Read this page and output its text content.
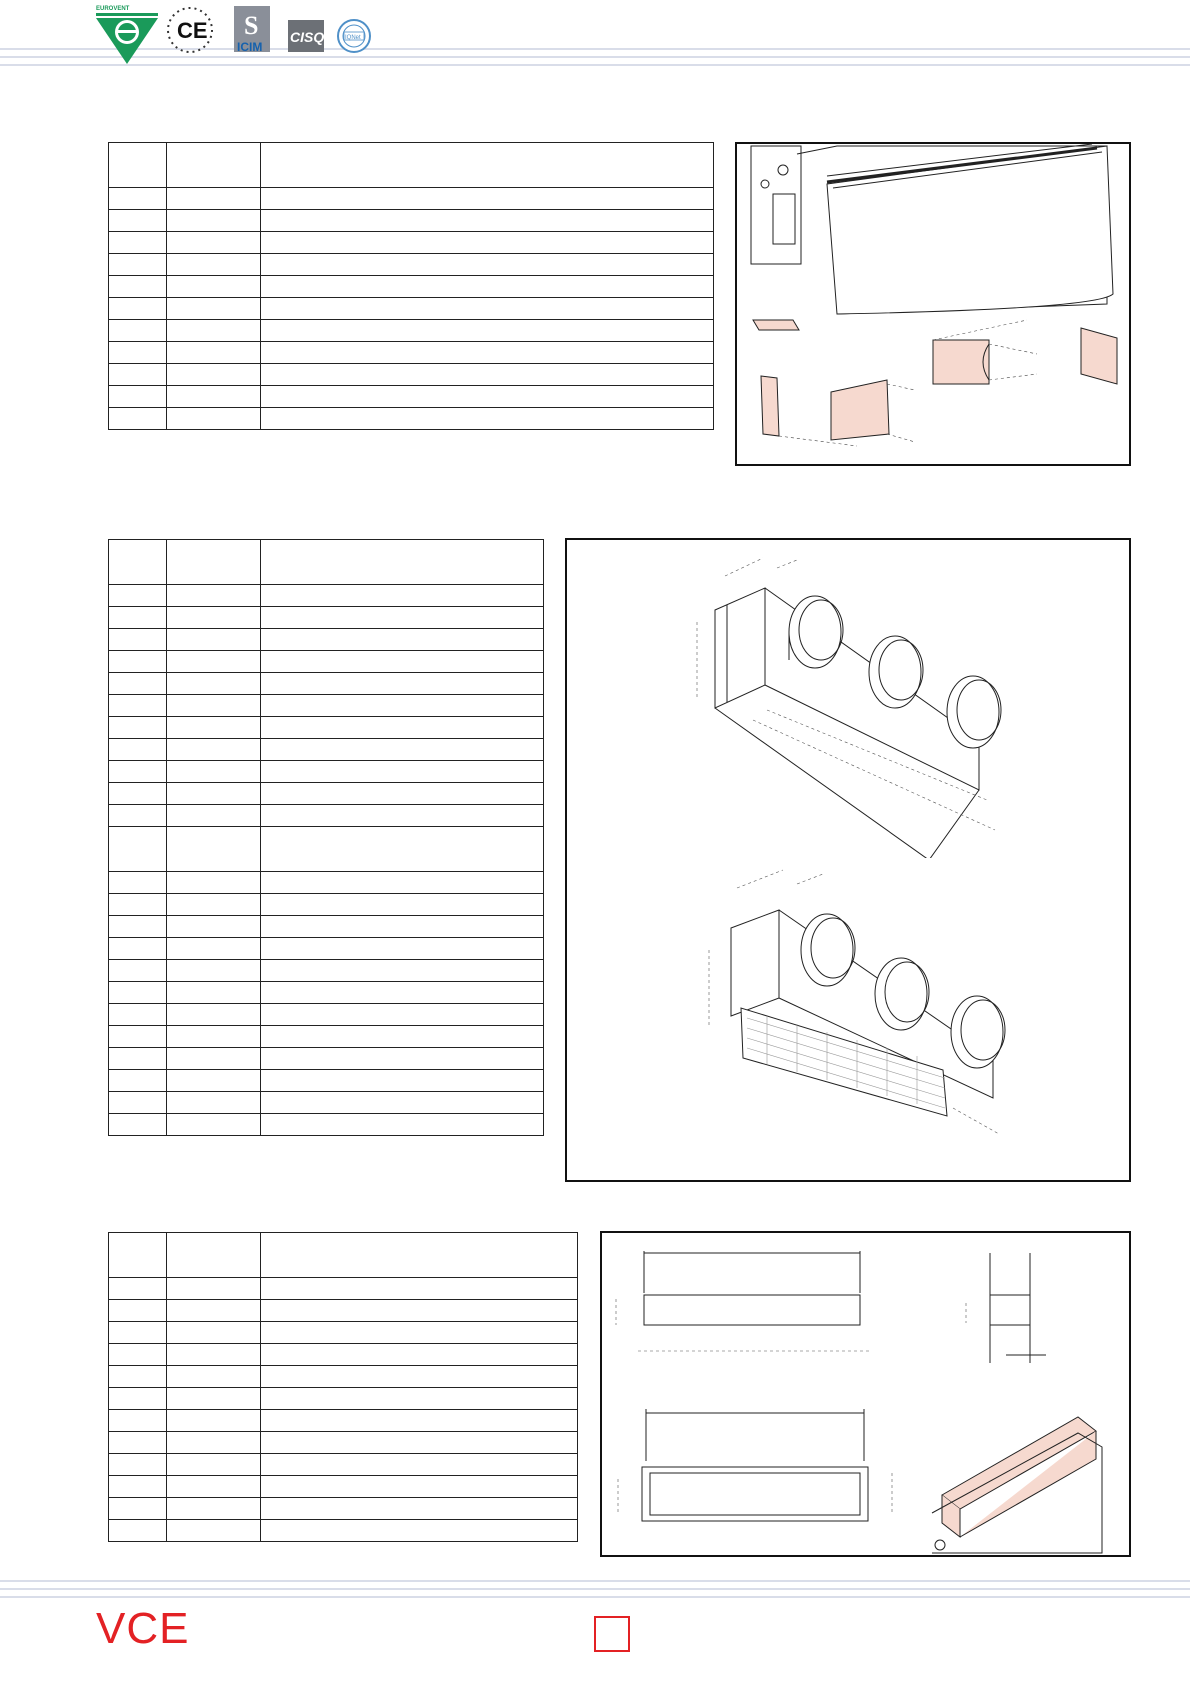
EUROVENT
CE S
ICIM
CISQ	IQNet

VCE
